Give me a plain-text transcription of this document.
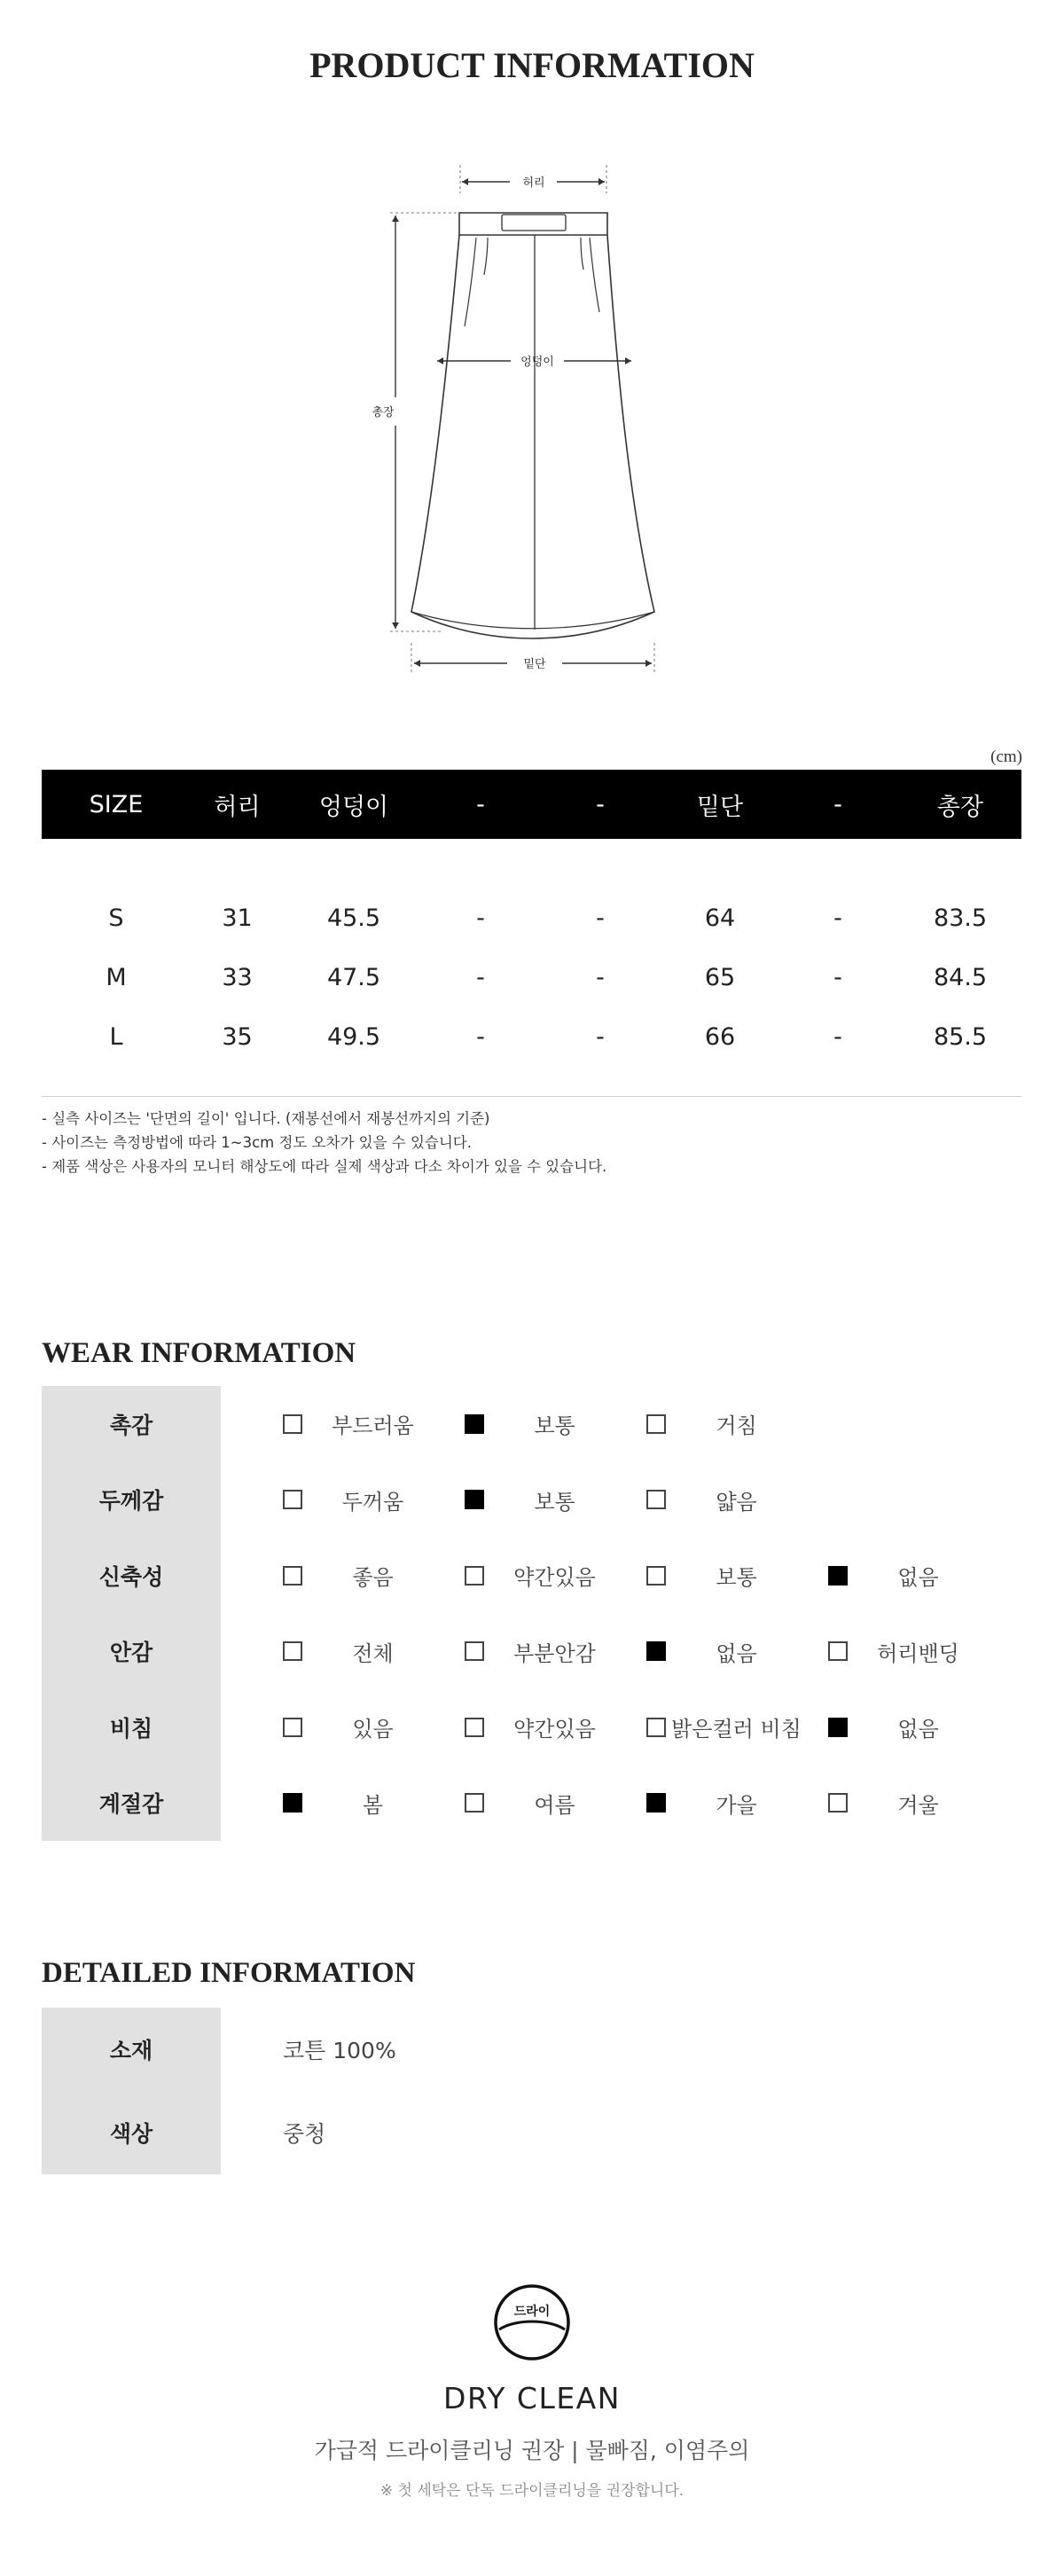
PRODUCT INFORMATION
허리
엉덩이
총장
밑단
(cm)
SIZE	허리	엉덩이	-	-	밑단	-	총장
S	31	45.5	-	-	64	-	83.5
M	33	47.5	-	-	65	-	84.5
L	35	49.5	-	-	66	-	85.5
- 실측 사이즈는 '단면의 길이' 입니다. (재봉선에서 재봉선까지의 기준)
- 사이즈는 측정방법에 따라 1~3cm 정도 오차가 있을 수 있습니다.
- 제품 색상은 사용자의 모니터 해상도에 따라 실제 색상과 다소 차이가 있을 수 있습니다.
WEAR INFORMATION
촉감	부드러움	보통	거침
두께감	두꺼움	보통	얇음
신축성	좋음	약간있음	보통	없음
안감	전체	부분안감	없음	허리밴딩
비침	있음	약간있음	밝은컬러 비침	없음
계절감	봄	여름	가을	겨울
DETAILED INFORMATION
소재	코튼 100%
색상	중청
드라이
DRY CLEAN
가급적 드라이클리닝 권장 | 물빠짐, 이염주의
※ 첫 세탁은 단독 드라이클리닝을 권장합니다.
